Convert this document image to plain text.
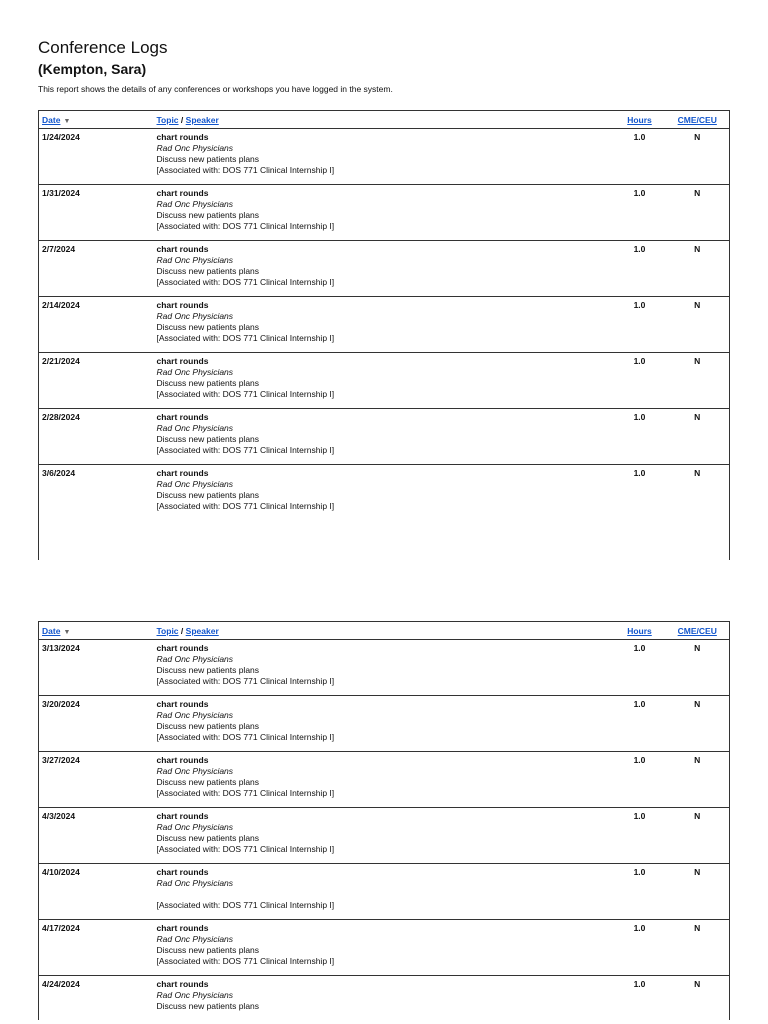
Conference Logs
(Kempton, Sara)

This report shows the details of any conferences or workshops you have logged in the system.

Date ▼	Topic / Speaker	Hours	CME/CEU
1/24/2024	chart rounds
Rad Onc Physicians
Discuss new patients plans
[Associated with: DOS 771 Clinical Internship I]	1.0	N
1/31/2024	chart rounds
Rad Onc Physicians
Discuss new patients plans
[Associated with: DOS 771 Clinical Internship I]	1.0	N
2/7/2024	chart rounds
Rad Onc Physicians
Discuss new patients plans
[Associated with: DOS 771 Clinical Internship I]	1.0	N
2/14/2024	chart rounds
Rad Onc Physicians
Discuss new patients plans
[Associated with: DOS 771 Clinical Internship I]	1.0	N
2/21/2024	chart rounds
Rad Onc Physicians
Discuss new patients plans
[Associated with: DOS 771 Clinical Internship I]	1.0	N
2/28/2024	chart rounds
Rad Onc Physicians
Discuss new patients plans
[Associated with: DOS 771 Clinical Internship I]	1.0	N
3/6/2024	chart rounds
Rad Onc Physicians
Discuss new patients plans
[Associated with: DOS 771 Clinical Internship I]	1.0	N
Date ▼	Topic / Speaker	Hours	CME/CEU
3/13/2024	chart rounds
Rad Onc Physicians
Discuss new patients plans
[Associated with: DOS 771 Clinical Internship I]	1.0	N
3/20/2024	chart rounds
Rad Onc Physicians
Discuss new patients plans
[Associated with: DOS 771 Clinical Internship I]	1.0	N
3/27/2024	chart rounds
Rad Onc Physicians
Discuss new patients plans
[Associated with: DOS 771 Clinical Internship I]	1.0	N
4/3/2024	chart rounds
Rad Onc Physicians
Discuss new patients plans
[Associated with: DOS 771 Clinical Internship I]	1.0	N
4/10/2024	chart rounds
Rad Onc Physicians
[Associated with: DOS 771 Clinical Internship I]	1.0	N
4/17/2024	chart rounds
Rad Onc Physicians
Discuss new patients plans
[Associated with: DOS 771 Clinical Internship I]	1.0	N
4/24/2024	chart rounds
Rad Onc Physicians
Discuss new patients plans	1.0	N
